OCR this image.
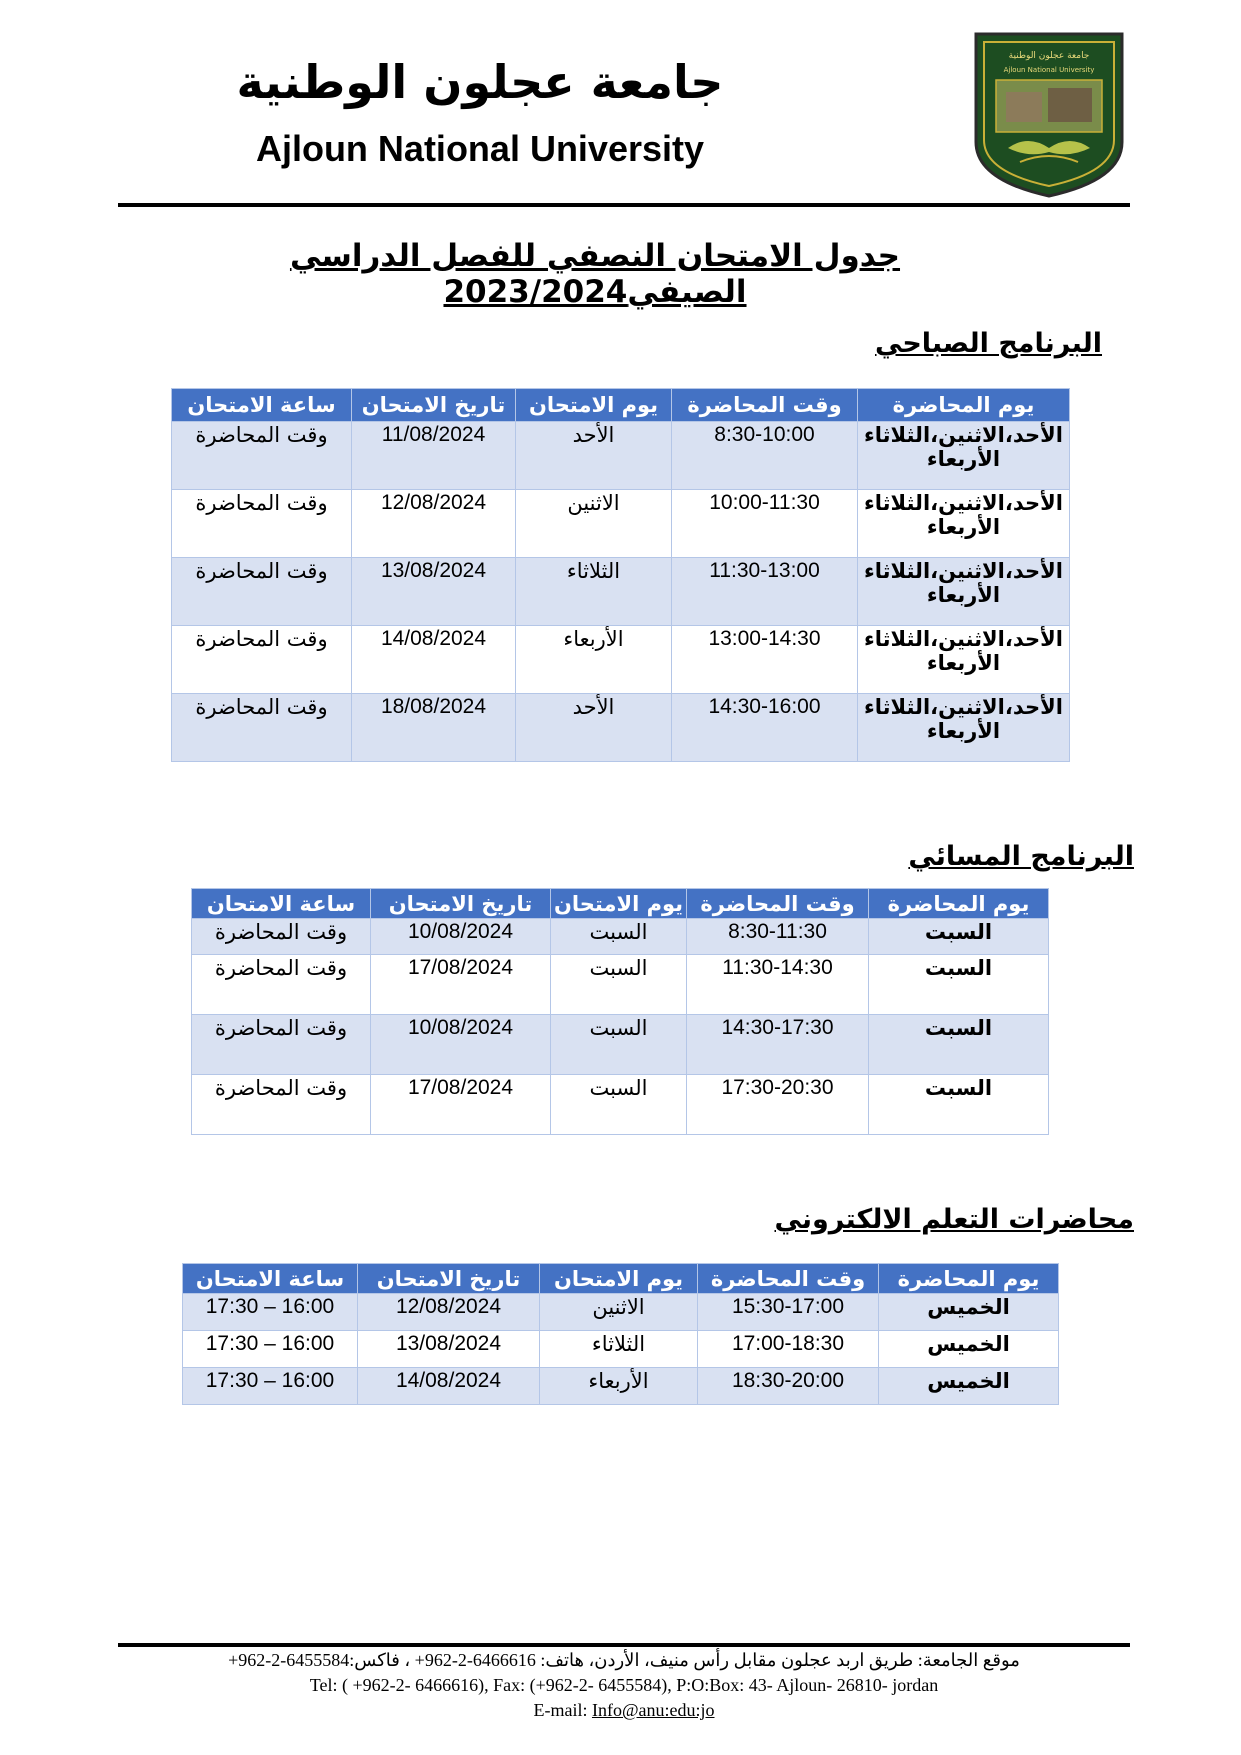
جامعة عجلون الوطنية
Ajloun National University
جامعة عجلون الوطنية
Ajloun National University
جدول الامتحان النصفي للفصل الدراسي الصيفي2023/2024
البرنامج الصباحي
يوم المحاضرة	وقت المحاضرة	يوم الامتحان	تاريخ الامتحان	ساعة الامتحان
الأحد،الاثنين،الثلاثاء الأربعاء	8:30-10:00	الأحد	11/08/2024	وقت المحاضرة
الأحد،الاثنين،الثلاثاء الأربعاء	10:00-11:30	الاثنين	12/08/2024	وقت المحاضرة
الأحد،الاثنين،الثلاثاء الأربعاء	11:30-13:00	الثلاثاء	13/08/2024	وقت المحاضرة
الأحد،الاثنين،الثلاثاء الأربعاء	13:00-14:30	الأربعاء	14/08/2024	وقت المحاضرة
الأحد،الاثنين،الثلاثاء الأربعاء	14:30-16:00	الأحد	18/08/2024	وقت المحاضرة
البرنامج المسائي
يوم المحاضرة	وقت المحاضرة	يوم الامتحان	تاريخ الامتحان	ساعة الامتحان
السبت	8:30-11:30	السبت	10/08/2024	وقت المحاضرة
السبت	11:30-14:30	السبت	17/08/2024	وقت المحاضرة
السبت	14:30-17:30	السبت	10/08/2024	وقت المحاضرة
السبت	17:30-20:30	السبت	17/08/2024	وقت المحاضرة
محاضرات التعلم الالكتروني
يوم المحاضرة	وقت المحاضرة	يوم الامتحان	تاريخ الامتحان	ساعة الامتحان
الخميس	15:30-17:00	الاثنين	12/08/2024	16:00 – 17:30
الخميس	17:00-18:30	الثلاثاء	13/08/2024	16:00 – 17:30
الخميس	18:30-20:00	الأربعاء	14/08/2024	16:00 – 17:30
موقع الجامعة: طريق اربد عجلون مقابل رأس منيف، الأردن، هاتف: 6466616-2-962+ ، فاكس:6455584-2-962+
Tel: ( +962-2- 6466616), Fax: (+962-2- 6455584), P:O:Box: 43- Ajloun- 26810- jordan
E-mail: Info@anu:edu:jo
